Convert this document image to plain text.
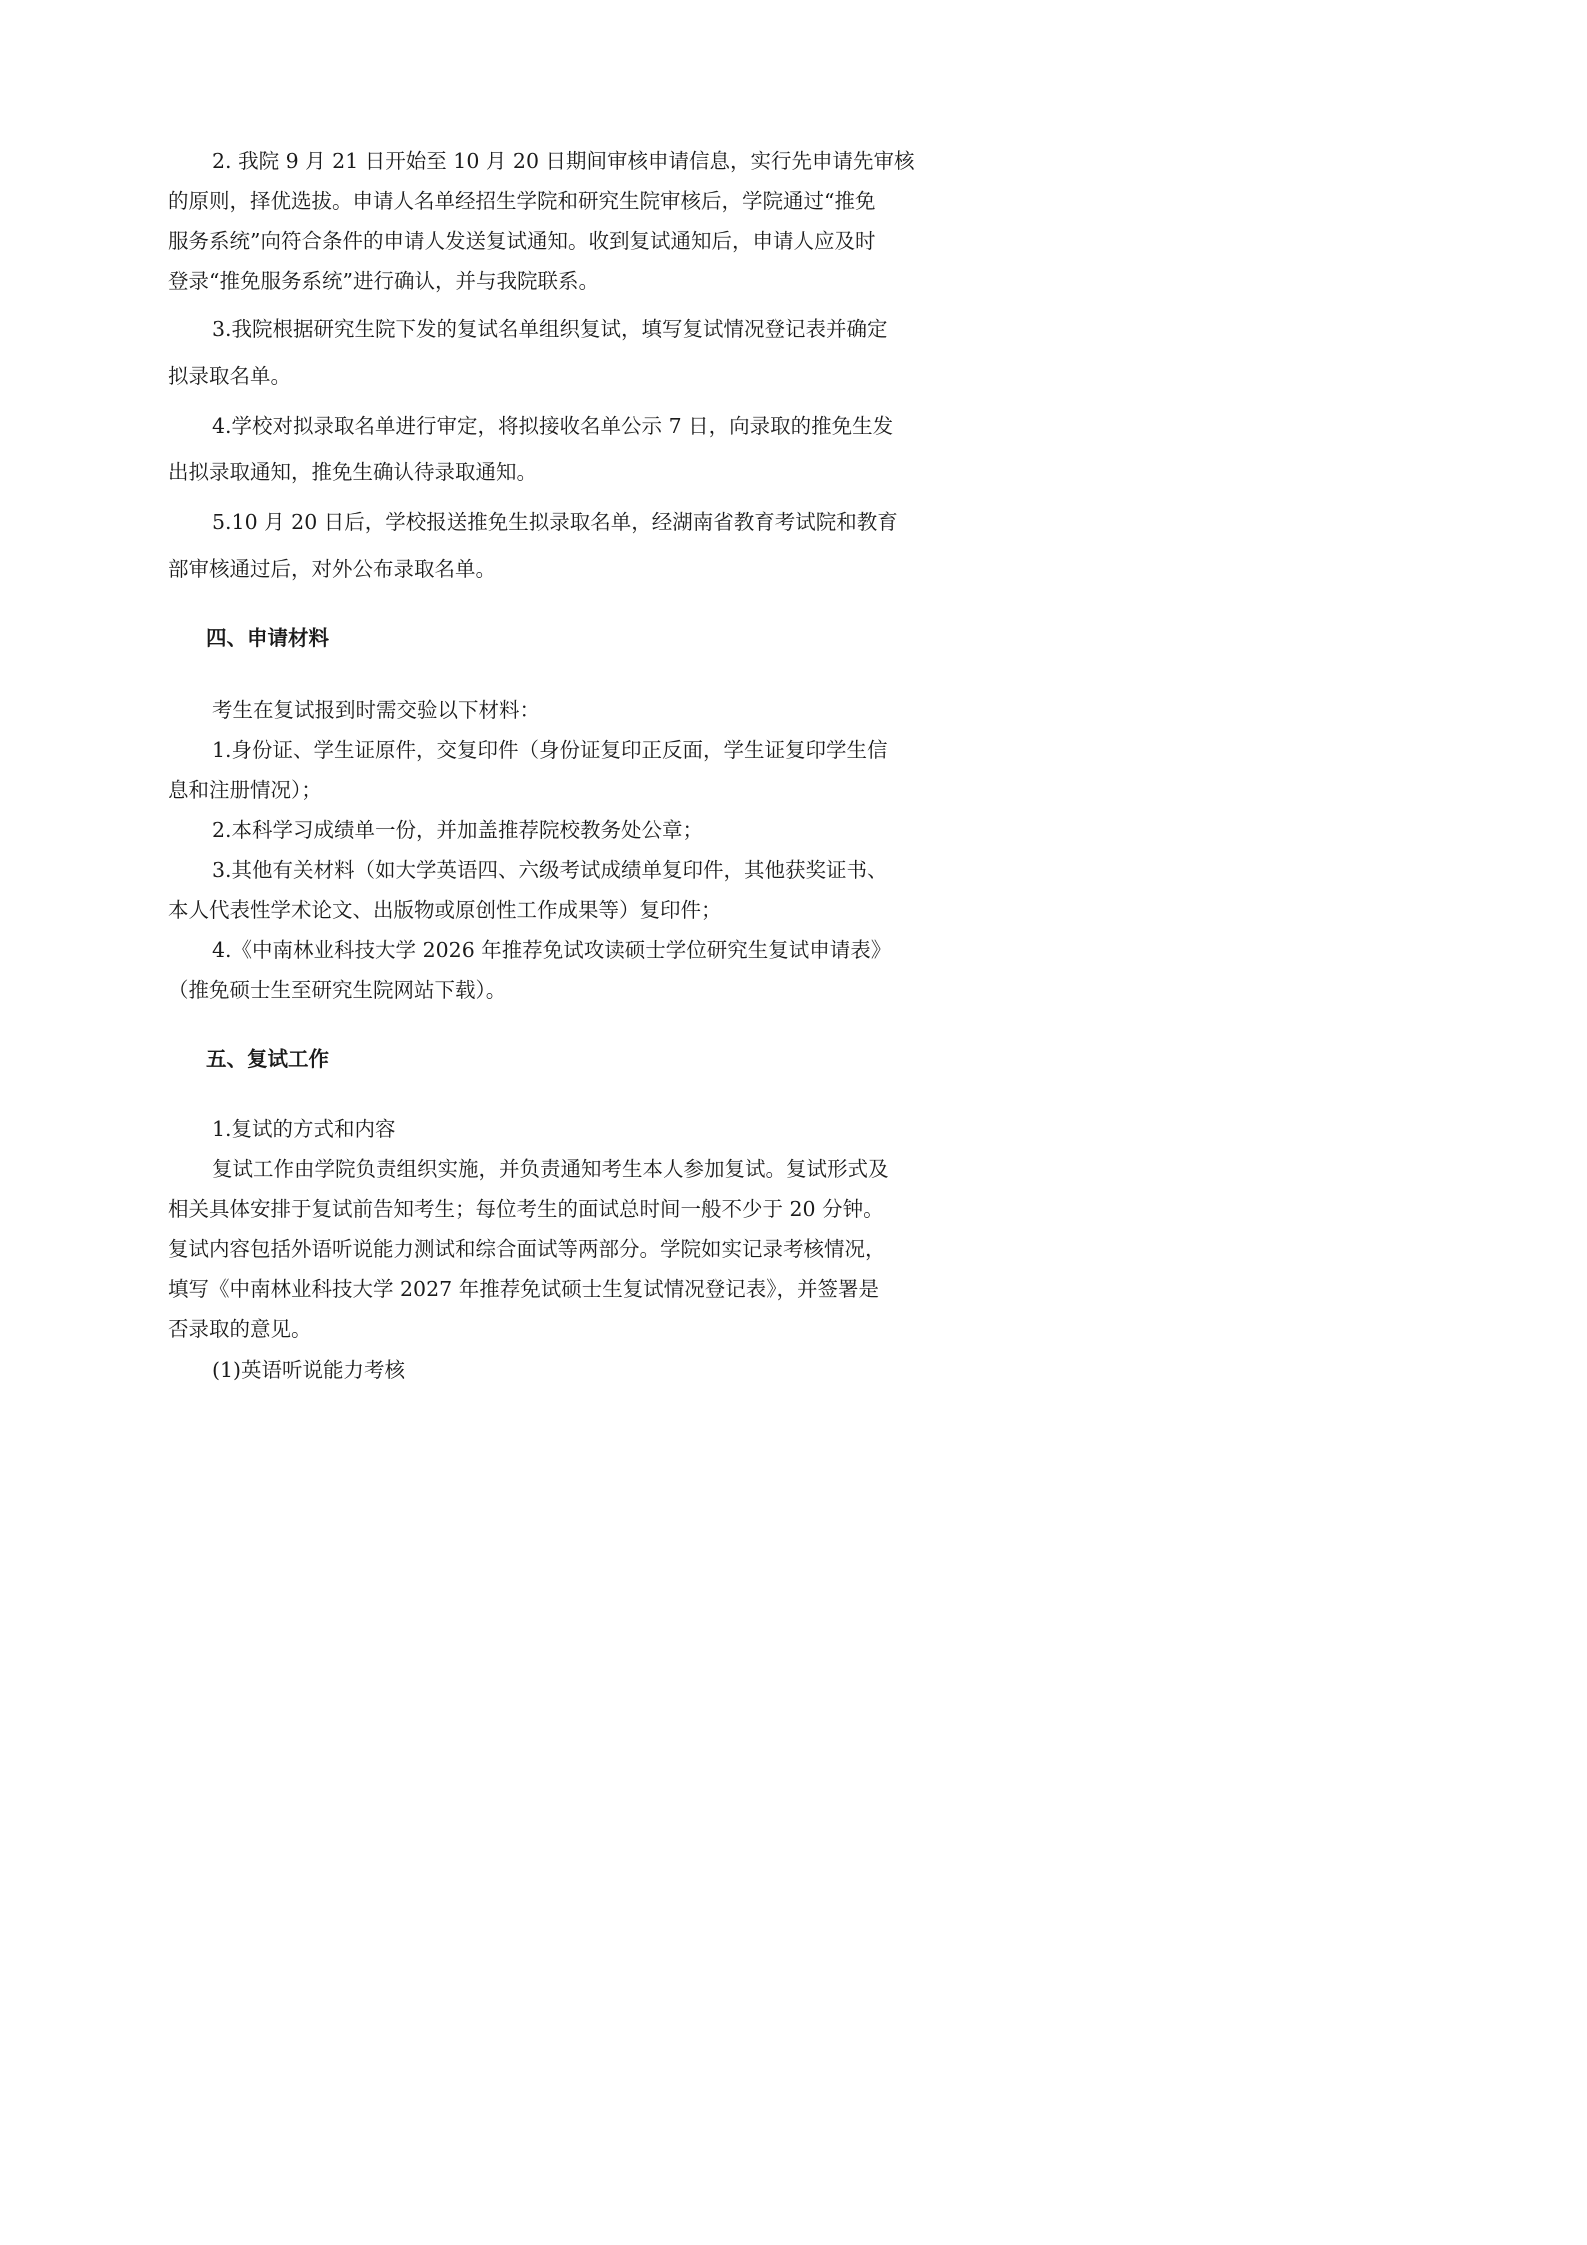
2. 我院 9 月 21 日开始至 10 月 20 日期间审核申请信息，实行先申请先审核
的原则，择优选拔。申请人名单经招生学院和研究生院审核后，学院通过“推免
服务系统”向符合条件的申请人发送复试通知。收到复试通知后，申请人应及时
登录“推免服务系统”进行确认，并与我院联系。
3.我院根据研究生院下发的复试名单组织复试，填写复试情况登记表并确定
拟录取名单。
4.学校对拟录取名单进行审定，将拟接收名单公示 7 日，向录取的推免生发
出拟录取通知，推免生确认待录取通知。
5.10 月 20 日后，学校报送推免生拟录取名单，经湖南省教育考试院和教育
部审核通过后，对外公布录取名单。
四、申请材料
考生在复试报到时需交验以下材料：
1.身份证、学生证原件，交复印件（身份证复印正反面，学生证复印学生信
息和注册情况）；
2.本科学习成绩单一份，并加盖推荐院校教务处公章；
3.其他有关材料（如大学英语四、六级考试成绩单复印件，其他获奖证书、
本人代表性学术论文、出版物或原创性工作成果等）复印件；
4.《中南林业科技大学 2026 年推荐免试攻读硕士学位研究生复试申请表》
（推免硕士生至研究生院网站下载）。
五、复试工作
1.复试的方式和内容
复试工作由学院负责组织实施，并负责通知考生本人参加复试。复试形式及
相关具体安排于复试前告知考生；每位考生的面试总时间一般不少于 20 分钟。
复试内容包括外语听说能力测试和综合面试等两部分。学院如实记录考核情况，
填写《中南林业科技大学 2027 年推荐免试硕士生复试情况登记表》，并签署是
否录取的意见。
(1)英语听说能力考核
